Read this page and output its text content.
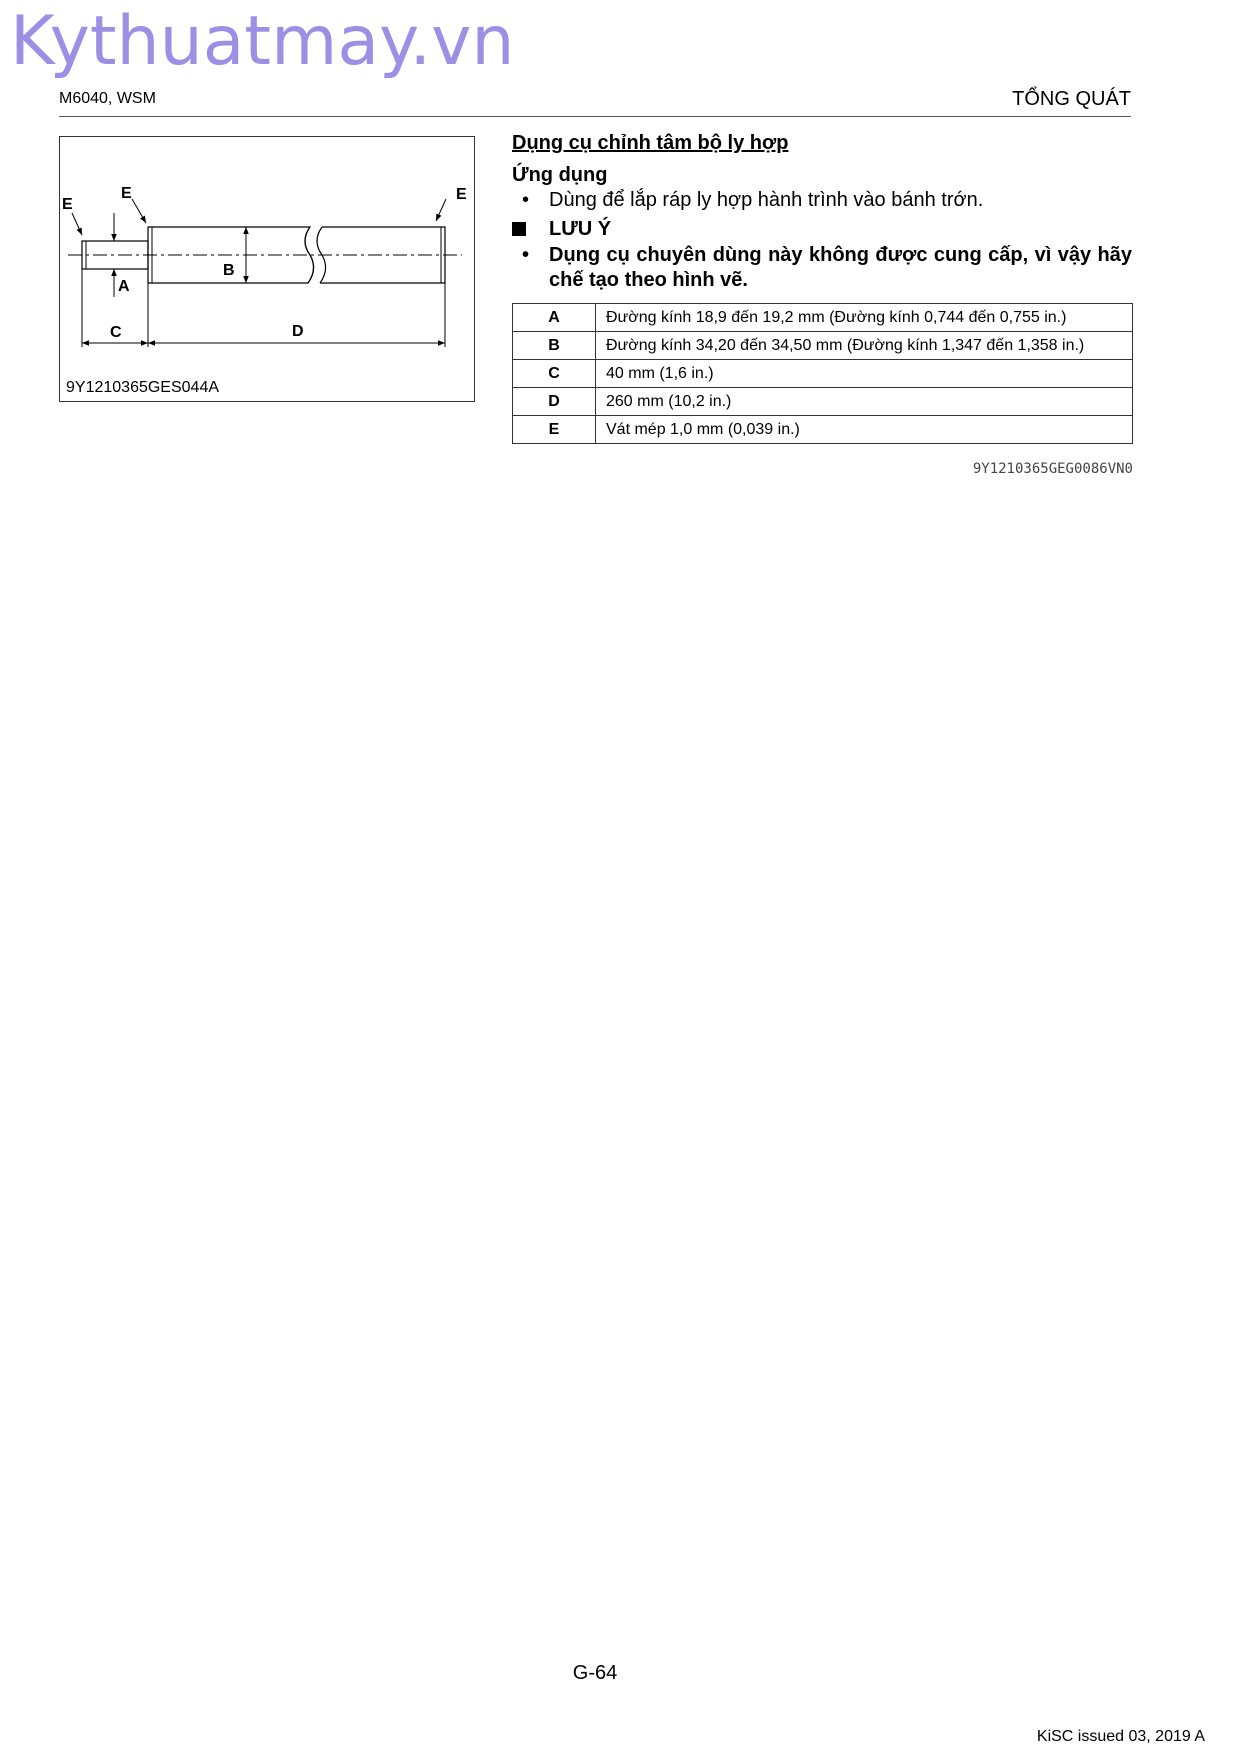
Kythuatmay.vn
M6040, WSM	TỔNG QUÁT
E
E	E
A
B
C	D
9Y1210365GES044A
Dụng cụ chỉnh tâm bộ ly hợp
Ứng dụng
• Dùng để lắp ráp ly hợp hành trình vào bánh trớn.
LƯU Ý
• Dụng cụ chuyên dùng này không được cung cấp, vì vậy hãy chế tạo theo hình vẽ.
A	Đường kính 18,9 đến 19,2 mm (Đường kính 0,744 đến 0,755 in.)
B	Đường kính 34,20 đến 34,50 mm (Đường kính 1,347 đến 1,358 in.)
C	40 mm (1,6 in.)
D	260 mm (10,2 in.)
E	Vát mép 1,0 mm (0,039 in.)
9Y1210365GEG0086VN0
G-64
KiSC issued 03, 2019 A
